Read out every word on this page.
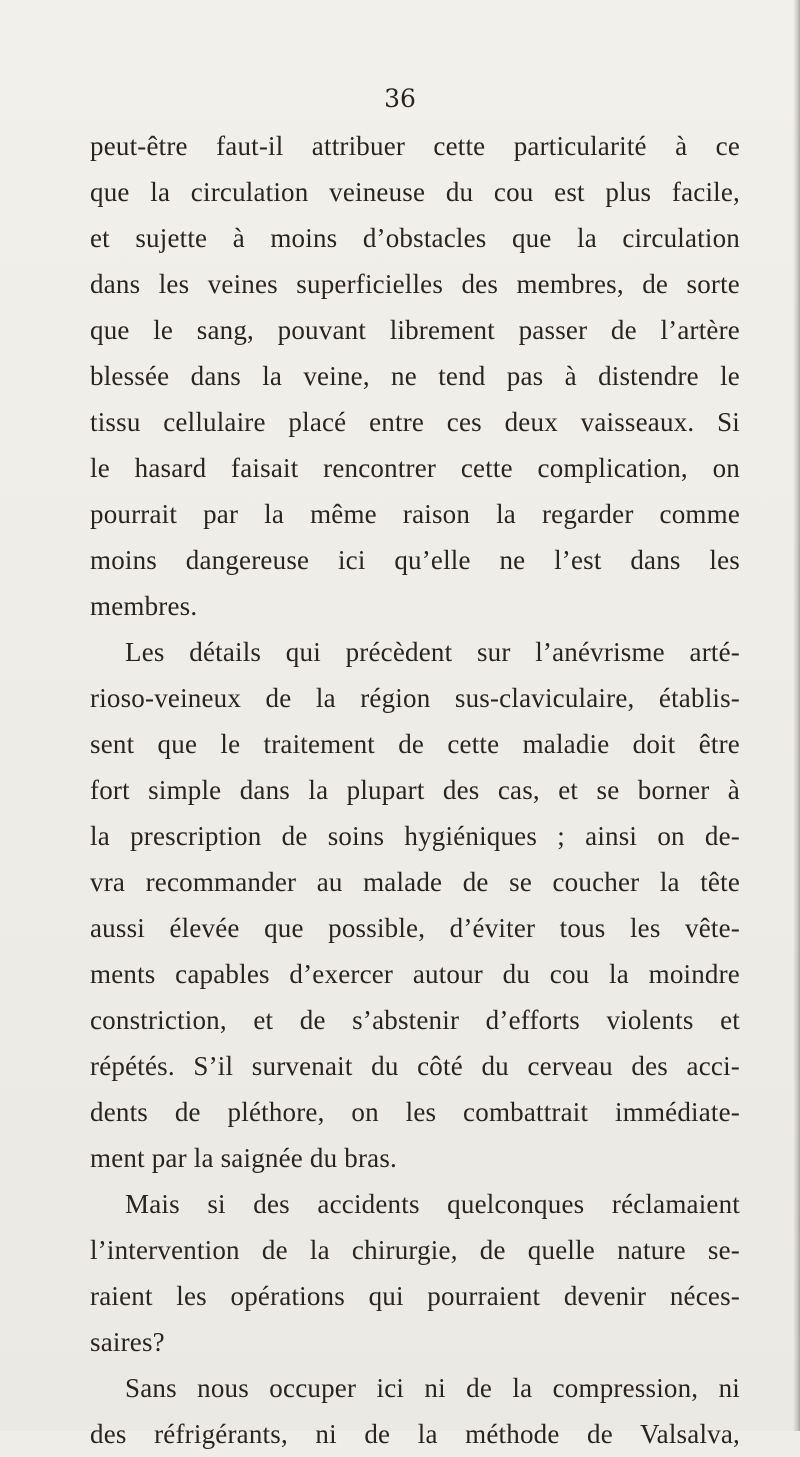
36
peut-être faut-il attribuer cette particularité à ce
que la circulation veineuse du cou est plus facile,
et sujette à moins d’obstacles que la circulation
dans les veines superficielles des membres, de sorte
que le sang, pouvant librement passer de l’artère
blessée dans la veine, ne tend pas à distendre le
tissu cellulaire placé entre ces deux vaisseaux. Si
le hasard faisait rencontrer cette complication, on
pourrait par la même raison la regarder comme
moins dangereuse ici qu’elle ne l’est dans les
membres.
Les détails qui précèdent sur l’anévrisme arté-
rioso-veineux de la région sus-claviculaire, établis-
sent que le traitement de cette maladie doit être
fort simple dans la plupart des cas, et se borner à
la prescription de soins hygiéniques ; ainsi on de-
vra recommander au malade de se coucher la tête
aussi élevée que possible, d’éviter tous les vête-
ments capables d’exercer autour du cou la moindre
constriction, et de s’abstenir d’efforts violents et
répétés. S’il survenait du côté du cerveau des acci-
dents de pléthore, on les combattrait immédiate-
ment par la saignée du bras.
Mais si des accidents quelconques réclamaient
l’intervention de la chirurgie, de quelle nature se-
raient les opérations qui pourraient devenir néces-
saires?
Sans nous occuper ici ni de la compression, ni
des réfrigérants, ni de la méthode de Valsalva,
